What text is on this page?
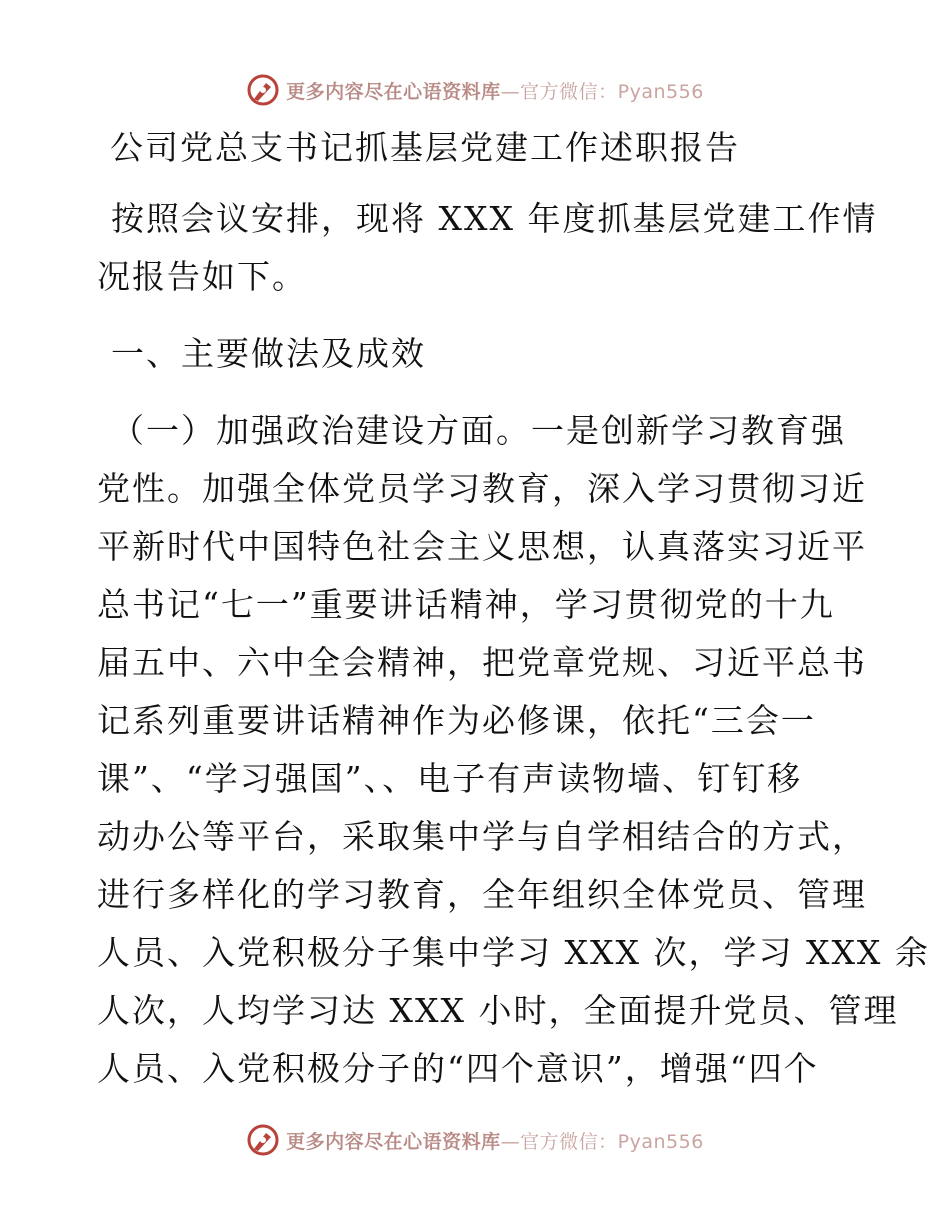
更多内容尽在心语资料库—官方微信：Pyan556
公司党总支书记抓基层党建工作述职报告
按照会议安排，现将 XXX 年度抓基层党建工作情
况报告如下。
一、主要做法及成效
（一）加强政治建设方面。一是创新学习教育强
党性。加强全体党员学习教育，深入学习贯彻习近
平新时代中国特色社会主义思想，认真落实习近平
总书记“七一”重要讲话精神，学习贯彻党的十九
届五中、六中全会精神，把党章党规、习近平总书
记系列重要讲话精神作为必修课，依托“三会一
课”、“学习强国”、、电子有声读物墙、钉钉移
动办公等平台，采取集中学与自学相结合的方式，
进行多样化的学习教育，全年组织全体党员、管理
人员、入党积极分子集中学习 XXX 次，学习 XXX 余
人次，人均学习达 XXX 小时，全面提升党员、管理
人员、入党积极分子的“四个意识”，增强“四个
更多内容尽在心语资料库—官方微信：Pyan556
